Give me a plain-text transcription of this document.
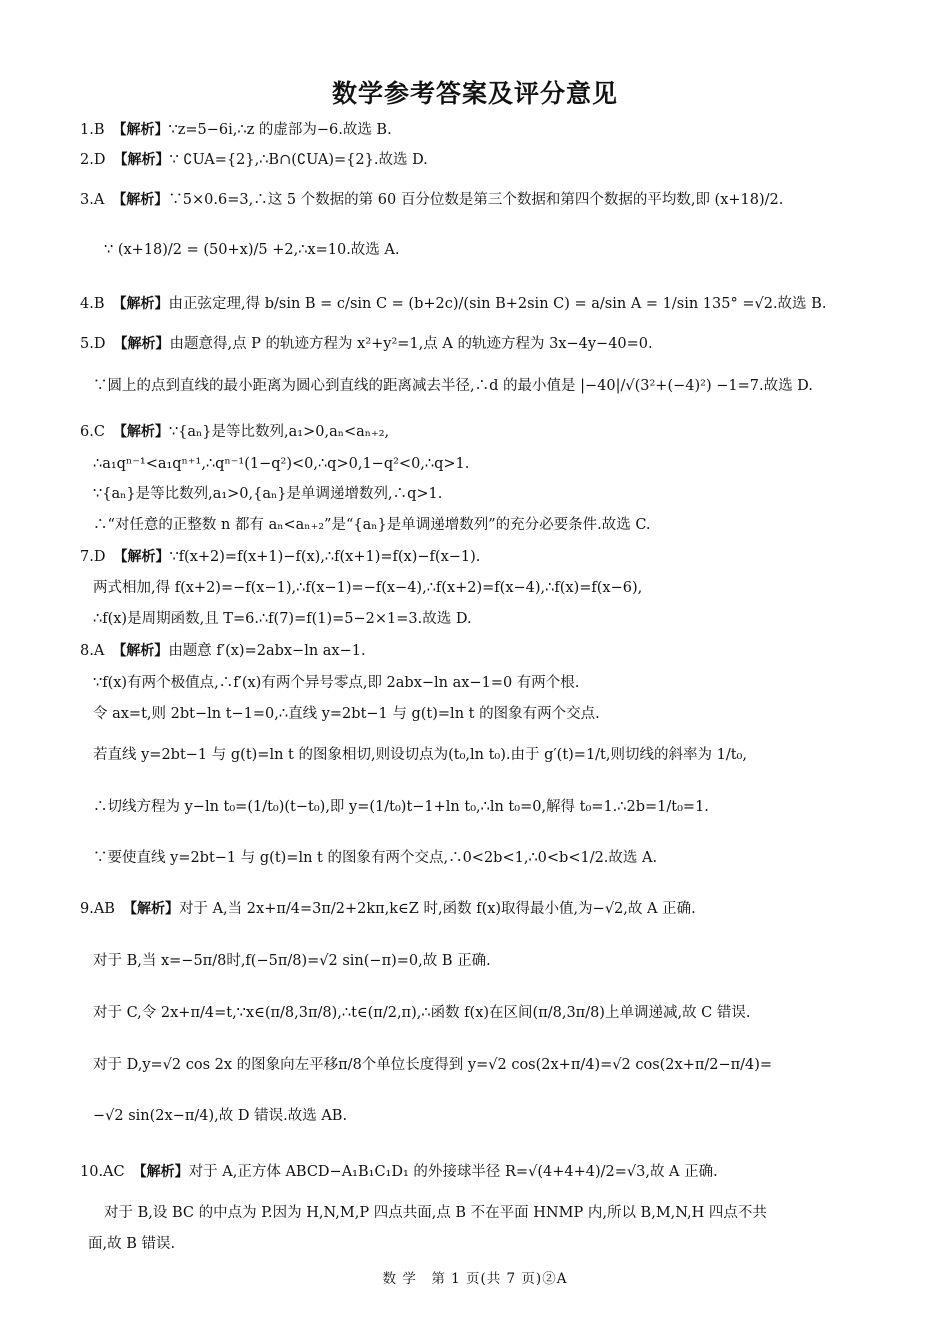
数学参考答案及评分意见
1.B 【解析】∵z=5−6i,∴z 的虚部为−6.故选 B.
2.D 【解析】∵ ∁UA={2},∴B∩(∁UA)={2}.故选 D.
3.A 【解析】∵5×0.6=3,∴这 5 个数据的第 60 百分位数是第三个数据和第四个数据的平均数,即 (x+18)/2.
∵ (x+18)/2 = (50+x)/5 +2,∴x=10.故选 A.
4.B 【解析】由正弦定理,得 b/sin B = c/sin C = (b+2c)/(sin B+2sin C) = a/sin A = 1/sin 135° =√2.故选 B.
5.D 【解析】由题意得,点 P 的轨迹方程为 x²+y²=1,点 A 的轨迹方程为 3x−4y−40=0.
∵圆上的点到直线的最小距离为圆心到直线的距离减去半径,∴d 的最小值是 |−40|/√(3²+(−4)²) −1=7.故选 D.
6.C 【解析】∵{aₙ}是等比数列,a₁>0,aₙ<aₙ₊₂,
∴a₁qⁿ⁻¹<a₁qⁿ⁺¹,∴qⁿ⁻¹(1−q²)<0,∴q>0,1−q²<0,∴q>1.
∵{aₙ}是等比数列,a₁>0,{aₙ}是单调递增数列,∴q>1.
∴“对任意的正整数 n 都有 aₙ<aₙ₊₂”是“{aₙ}是单调递增数列”的充分必要条件.故选 C.
7.D 【解析】∵f(x+2)=f(x+1)−f(x),∴f(x+1)=f(x)−f(x−1).
两式相加,得 f(x+2)=−f(x−1),∴f(x−1)=−f(x−4),∴f(x+2)=f(x−4),∴f(x)=f(x−6),
∴f(x)是周期函数,且 T=6.∴f(7)=f(1)=5−2×1=3.故选 D.
8.A 【解析】由题意 f′(x)=2abx−ln ax−1.
∵f(x)有两个极值点,∴f′(x)有两个异号零点,即 2abx−ln ax−1=0 有两个根.
令 ax=t,则 2bt−ln t−1=0,∴直线 y=2bt−1 与 g(t)=ln t 的图象有两个交点.
若直线 y=2bt−1 与 g(t)=ln t 的图象相切,则设切点为(t₀,ln t₀).由于 g′(t)=1/t,则切线的斜率为 1/t₀,
∴切线方程为 y−ln t₀=(1/t₀)(t−t₀),即 y=(1/t₀)t−1+ln t₀,∴ln t₀=0,解得 t₀=1.∴2b=1/t₀=1.
∵要使直线 y=2bt−1 与 g(t)=ln t 的图象有两个交点,∴0<2b<1,∴0<b<1/2.故选 A.
9.AB 【解析】对于 A,当 2x+π/4=3π/2+2kπ,k∈Z 时,函数 f(x)取得最小值,为−√2,故 A 正确.
对于 B,当 x=−5π/8时,f(−5π/8)=√2 sin(−π)=0,故 B 正确.
对于 C,令 2x+π/4=t,∵x∈(π/8,3π/8),∴t∈(π/2,π),∴函数 f(x)在区间(π/8,3π/8)上单调递减,故 C 错误.
对于 D,y=√2 cos 2x 的图象向左平移π/8个单位长度得到 y=√2 cos(2x+π/4)=√2 cos(2x+π/2−π/4)=
−√2 sin(2x−π/4),故 D 错误.故选 AB.
10.AC 【解析】对于 A,正方体 ABCD−A₁B₁C₁D₁ 的外接球半径 R=√(4+4+4)/2=√3,故 A 正确.
对于 B,设 BC 的中点为 P.因为 H,N,M,P 四点共面,点 B 不在平面 HNMP 内,所以 B,M,N,H 四点不共
面,故 B 错误.
数 学　第 1 页(共 7 页)②A
